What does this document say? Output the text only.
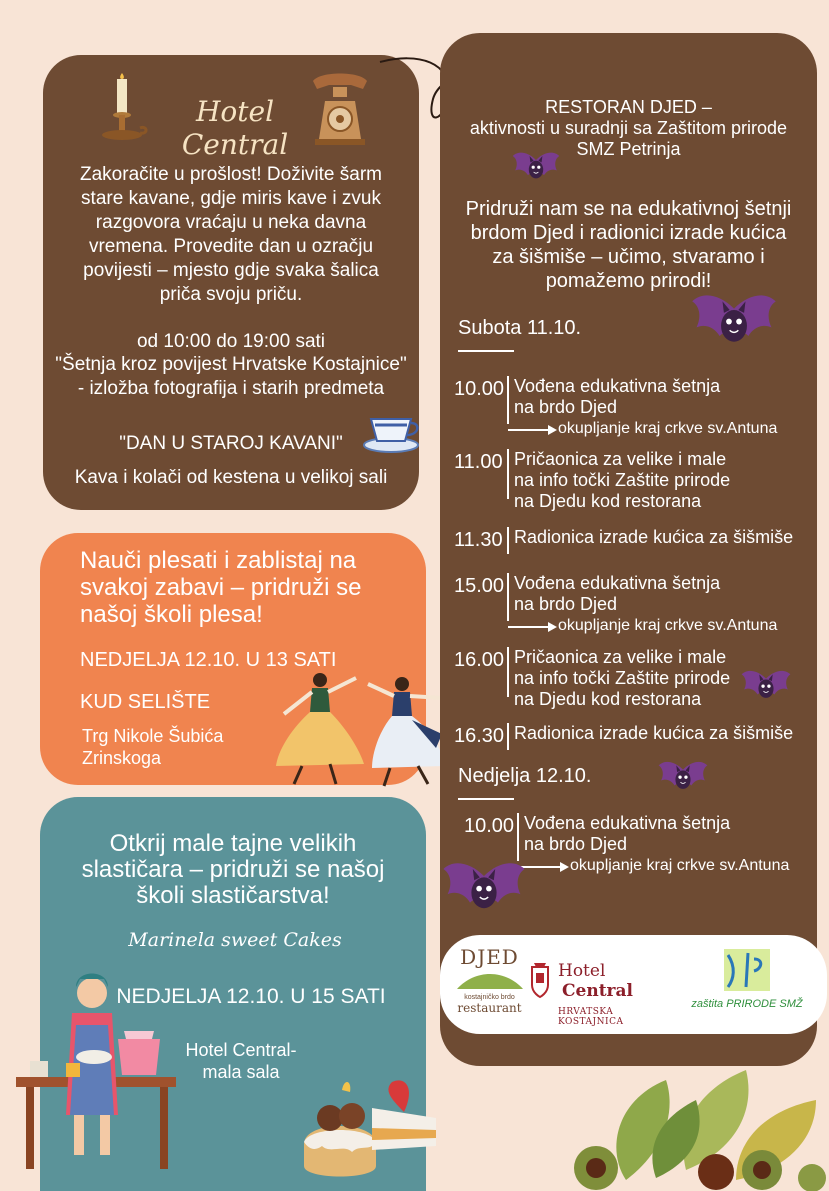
Hotel Central
Zakoračite u prošlost! Doživite šarm
stare kavane, gdje miris kave i zvuk
razgovora vraćaju u neka davna
vremena. Provedite dan u ozračju
povijesti – mjesto gdje svaka šalica
priča svoju priču.
od 10:00 do 19:00 sati
"Šetnja kroz povijest Hrvatske Kostajnice"
- izložba fotografija i starih predmeta
"DAN U STAROJ KAVANI"
Kava i kolači od kestena u velikoj sali
Nauči plesati i zablistaj na
svakoj zabavi – pridruži se
našoj školi plesa!
NEDJELJA 12.10. U 13 SATI
KUD SELIŠTE
Trg Nikole Šubića
Zrinskoga
Otkrij male tajne velikih
slastičara – pridruži se našoj
školi slastičarstva!
Marinela sweet Cakes
NEDJELJA 12.10. U 15 SATI
Hotel Central-
mala sala
RESTORAN DJED –
aktivnosti u suradnji sa Zaštitom prirode
SMZ Petrinja
Pridruži nam se na edukativnoj šetnji
brdom Djed i radionici izrade kućica
za šišmiše – učimo, stvaramo i
pomažemo prirodi!
Subota 11.10.
10.00 Vođena edukativna šetnja
na brdo Djed
okupljanje kraj crkve sv.Antuna
11.00 Pričaonica za velike i male
na info točki Zaštite prirode
na Djedu kod restorana
11.30 Radionica izrade kućica za šišmiše
15.00 Vođena edukativna šetnja
na brdo Djed
okupljanje kraj crkve sv.Antuna
16.00 Pričaonica za velike i male
na info točki Zaštite prirode
na Djedu kod restorana
16.30 Radionica izrade kućica za šišmiše
Nedjelja 12.10.
10.00 Vođena edukativna šetnja
na brdo Djed
okupljanje kraj crkve sv.Antuna
DJED
kostajničko brdo
restaurant
Hotel Central
HRVATSKA KOSTAJNICA
zaštita PRIRODE SMŽ
